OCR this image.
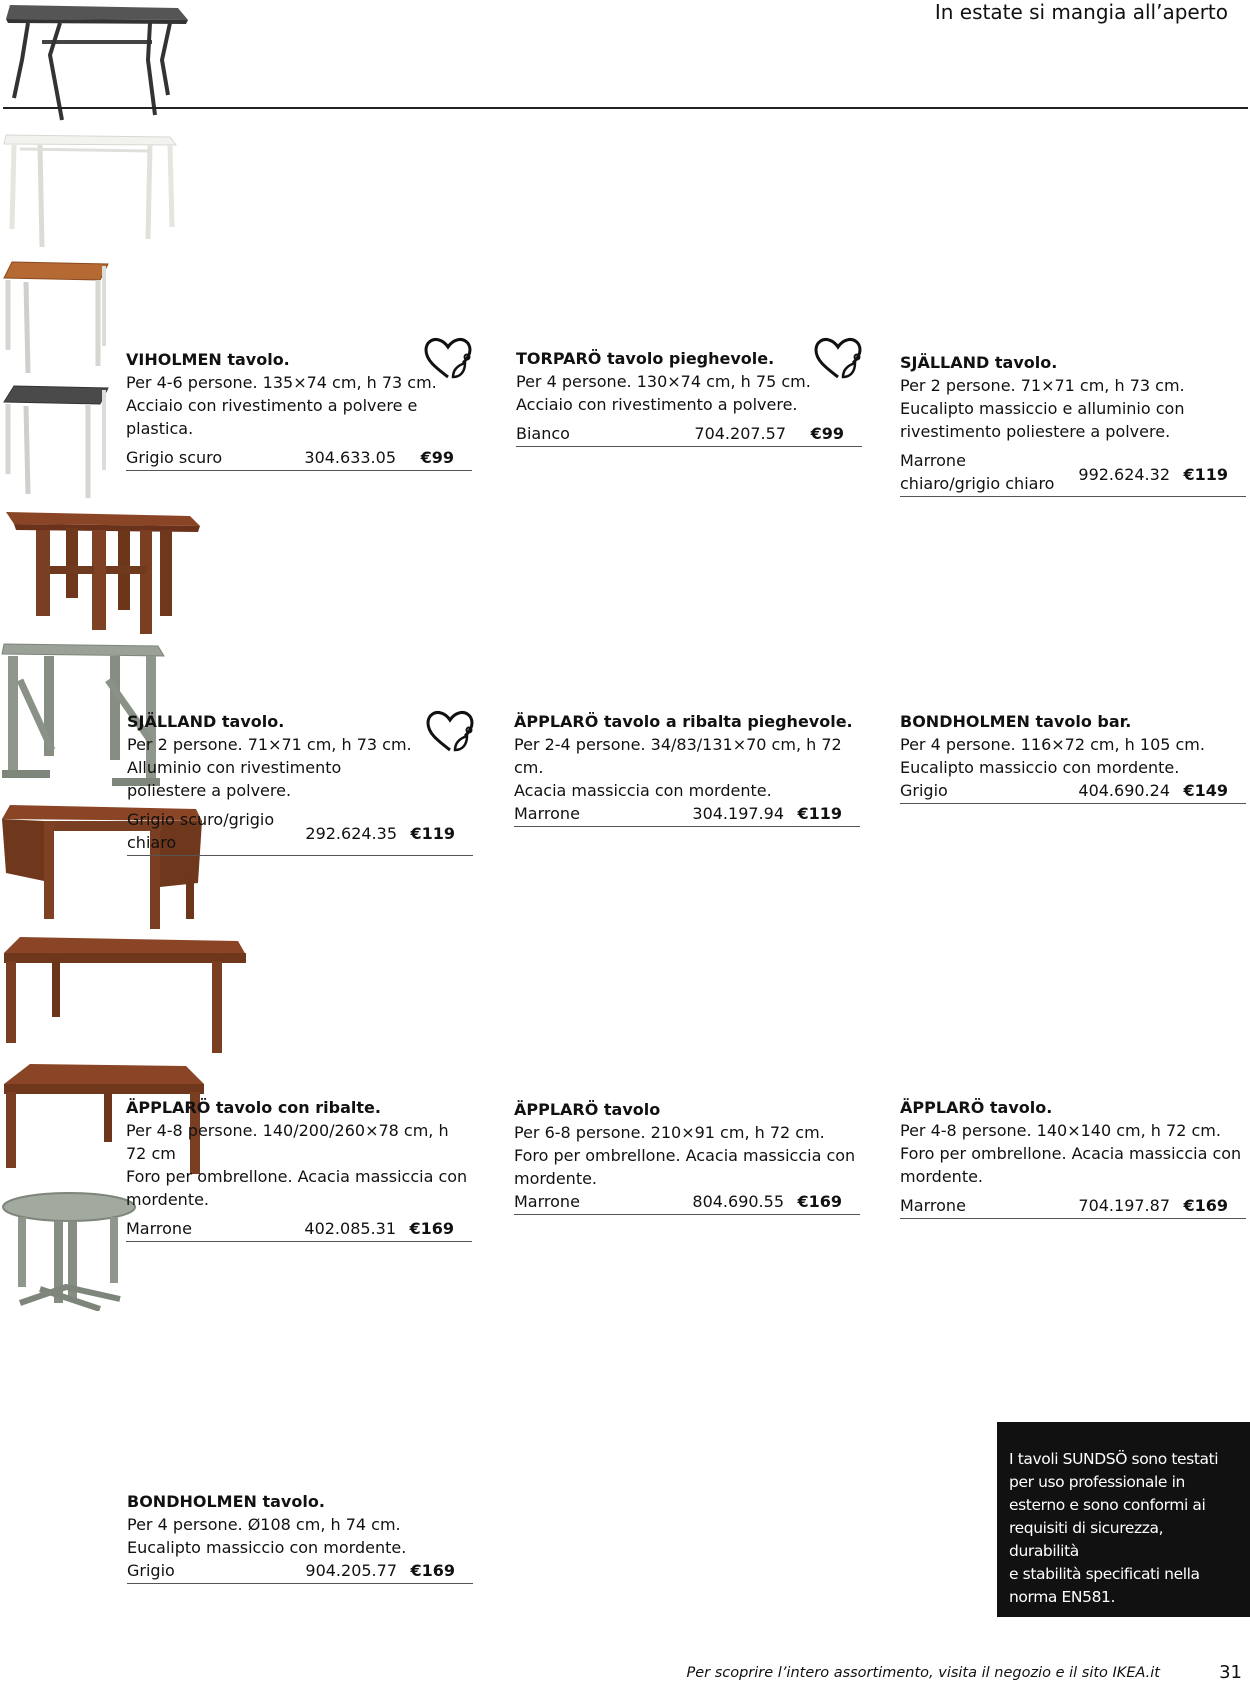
In estate si mangia all’aperto
VIHOLMEN tavolo.
Per 4-6 persone. 135×74 cm, h 73 cm.
Acciaio con rivestimento a polvere e plastica.
Grigio scuro	304.633.05	€99
TORPARÖ tavolo pieghevole.
Per 4 persone. 130×74 cm, h 75 cm.
Acciaio con rivestimento a polvere.
Bianco	704.207.57	€99
SJÄLLAND tavolo.
Per 2 persone. 71×71 cm, h 73 cm.
Eucalipto massiccio e alluminio con
rivestimento poliestere a polvere.
Marrone chiaro/grigio chiaro	992.624.32 €119
SJÄLLAND tavolo.
Per 2 persone. 71×71 cm, h 73 cm.
Alluminio con rivestimento
poliestere a polvere.
Grigio scuro/grigio chiaro	292.624.35 €119
ÄPPLARÖ tavolo a ribalta pieghevole.
Per 2-4 persone. 34/83/131×70 cm, h 72 cm.
Acacia massiccia con mordente.
Marrone	304.197.94 €119
BONDHOLMEN tavolo bar.
Per 4 persone. 116×72 cm, h 105 cm.
Eucalipto massiccio con mordente.
Grigio	404.690.24 €149
ÄPPLARÖ tavolo con ribalte.
Per 4-8 persone. 140/200/260×78 cm, h 72 cm
Foro per ombrellone. Acacia massiccia con
mordente.
Marrone	402.085.31 €169
ÄPPLARÖ tavolo
Per 6-8 persone. 210×91 cm, h 72 cm.
Foro per ombrellone. Acacia massiccia con
mordente.
Marrone	804.690.55 €169
ÄPPLARÖ tavolo.
Per 4-8 persone. 140×140 cm, h 72 cm.
Foro per ombrellone. Acacia massiccia con
mordente.
Marrone	704.197.87 €169
BONDHOLMEN tavolo.
Per 4 persone. Ø108 cm, h 74 cm.
Eucalipto massiccio con mordente.
Grigio	904.205.77 €169
I tavoli SUNDSÖ sono testati
per uso professionale in
esterno e sono conformi ai
requisiti di sicurezza, durabilità
e stabilità specificati nella
norma EN581.
Per scoprire l’intero assortimento, visita il negozio e il sito IKEA.it	31
